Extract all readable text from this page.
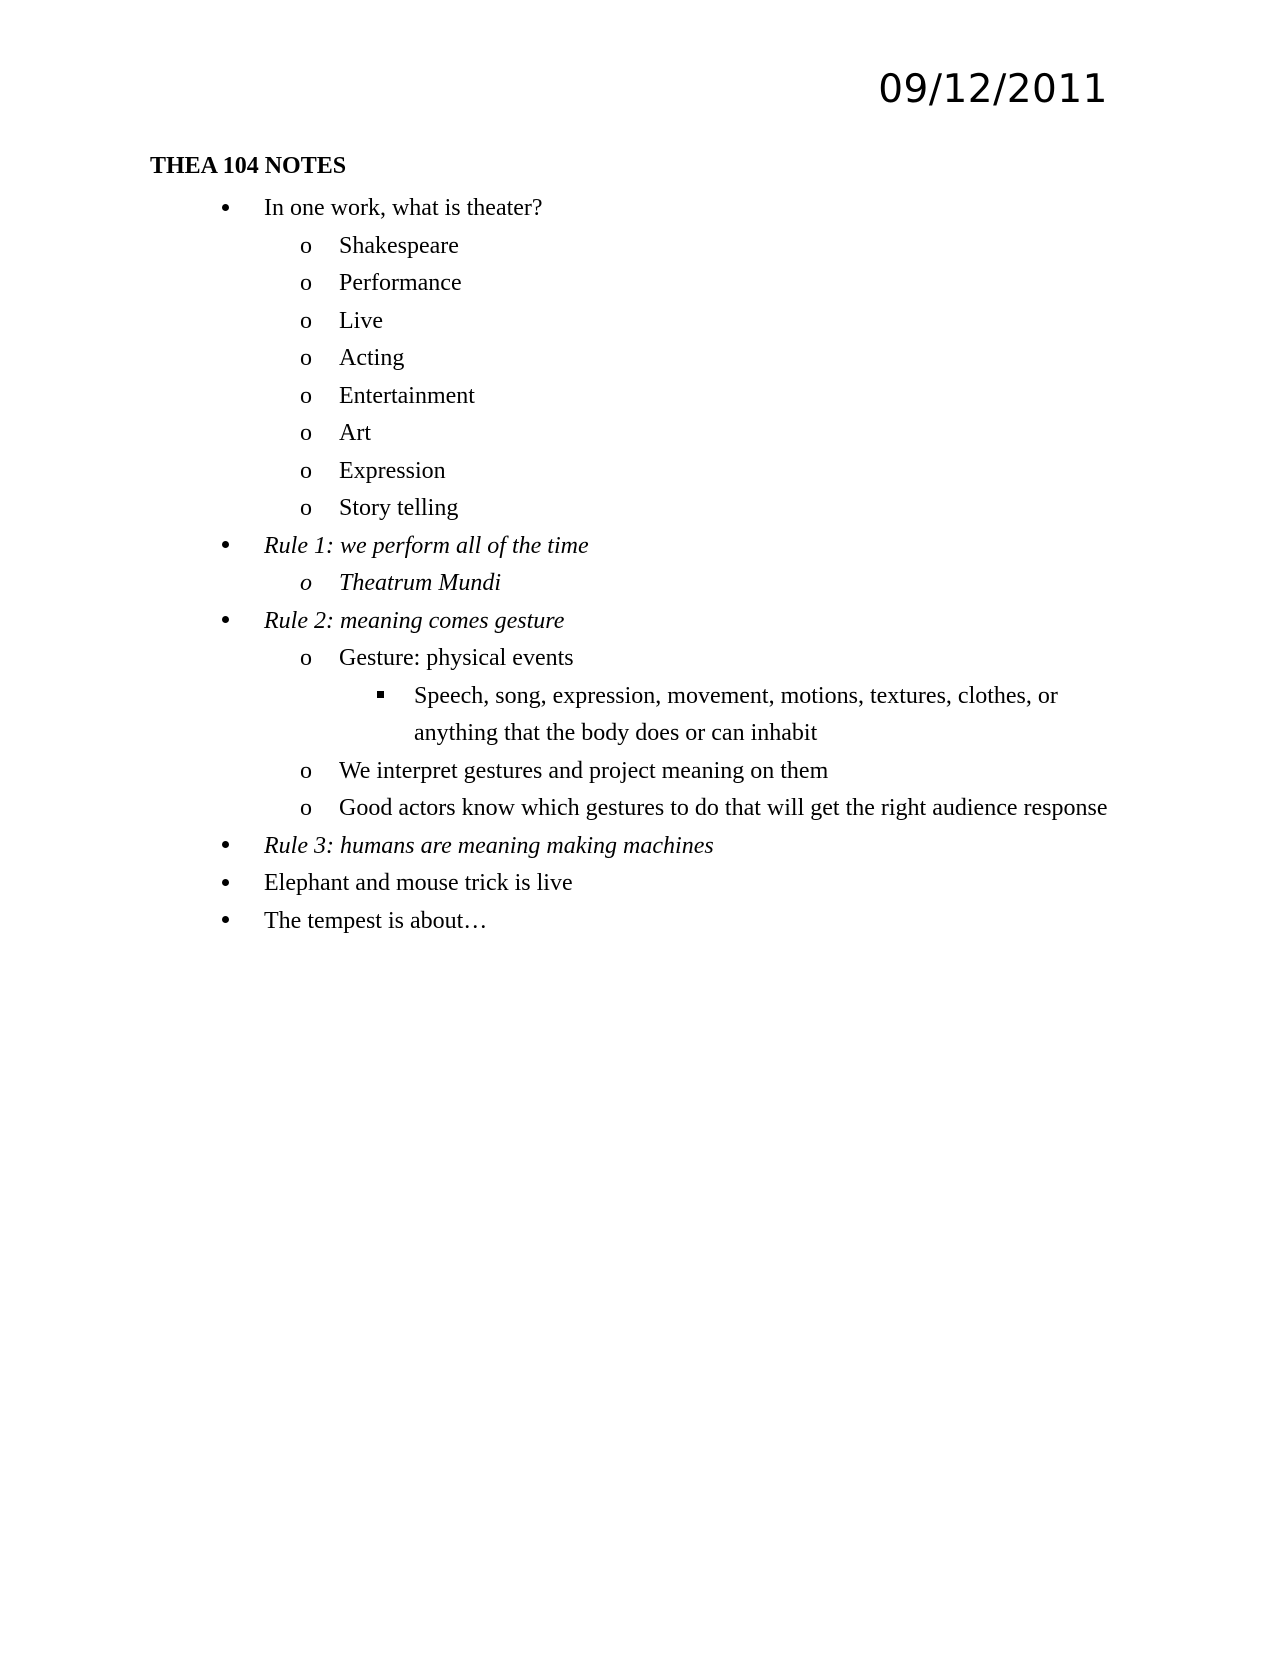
09/12/2011
THEA 104 NOTES
In one work, what is theater?
o Shakespeare
o Performance
o Live
o Acting
o Entertainment
o Art
o Expression
o Story telling
Rule 1: we perform all of the time
o Theatrum Mundi
Rule 2: meaning comes gesture
o Gesture: physical events
Speech, song, expression, movement, motions, textures, clothes, or anything that the body does or can inhabit
o We interpret gestures and project meaning on them
o Good actors know which gestures to do that will get the right audience response
Rule 3: humans are meaning making machines
Elephant and mouse trick is live
The tempest is about…
